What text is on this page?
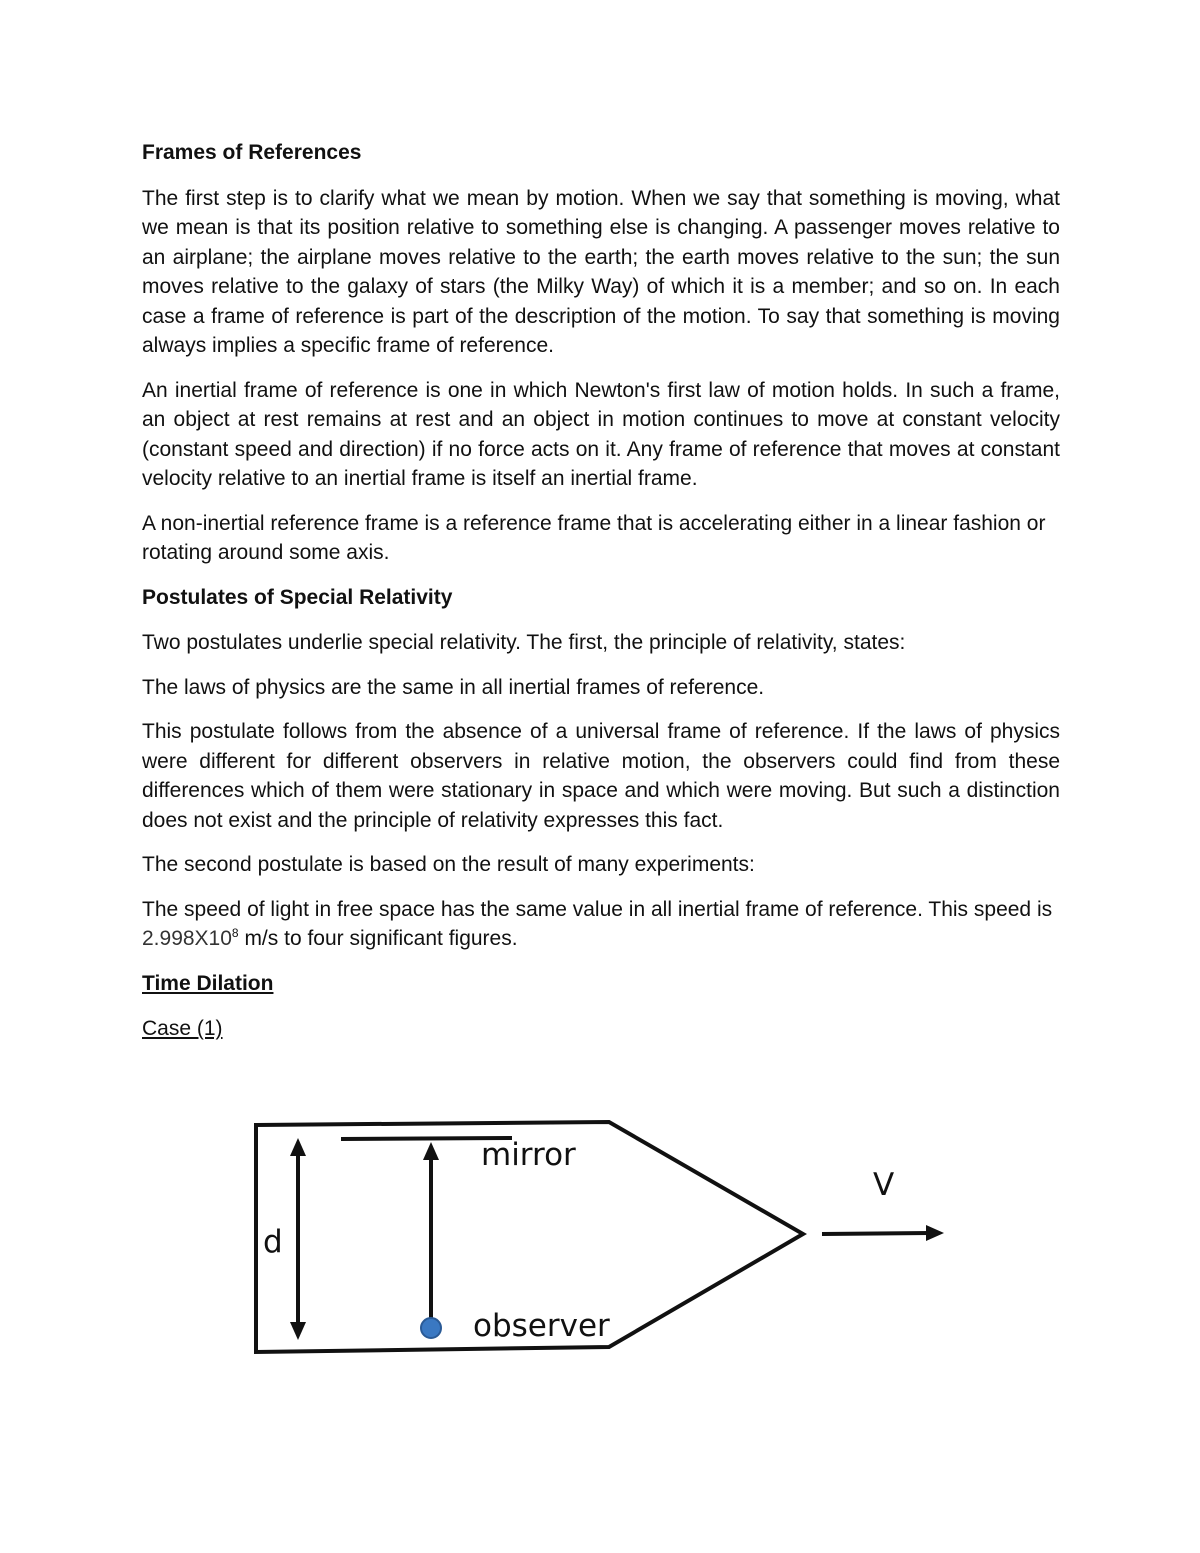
Frames of References

The first step is to clarify what we mean by motion. When we say that something is moving, what we mean is that its position relative to something else is changing. A passenger moves relative to an airplane; the airplane moves relative to the earth; the earth moves relative to the sun; the sun moves relative to the galaxy of stars (the Milky Way) of which it is a member; and so on. In each case a frame of reference is part of the description of the motion. To say that something is moving always implies a specific frame of reference.

An inertial frame of reference is one in which Newton's first law of motion holds. In such a frame, an object at rest remains at rest and an object in motion continues to move at constant velocity (constant speed and direction) if no force acts on it. Any frame of reference that moves at constant velocity relative to an inertial frame is itself an inertial frame.

A non-inertial reference frame is a reference frame that is accelerating either in a linear fashion or rotating around some axis.

Postulates of Special Relativity

Two postulates underlie special relativity. The first, the principle of relativity, states:

The laws of physics are the same in all inertial frames of reference.

This postulate follows from the absence of a universal frame of reference. If the laws of physics were different for different observers in relative motion, the observers could find from these differences which of them were stationary in space and which were moving. But such a distinction does not exist and the principle of relativity expresses this fact.

The second postulate is based on the result of many experiments:

The speed of light in free space has the same value in all inertial frame of reference. This speed is $2.998X10^8$ m/s to four significant figures.

Time Dilation
Case (1)
mirror
observer
d
V
